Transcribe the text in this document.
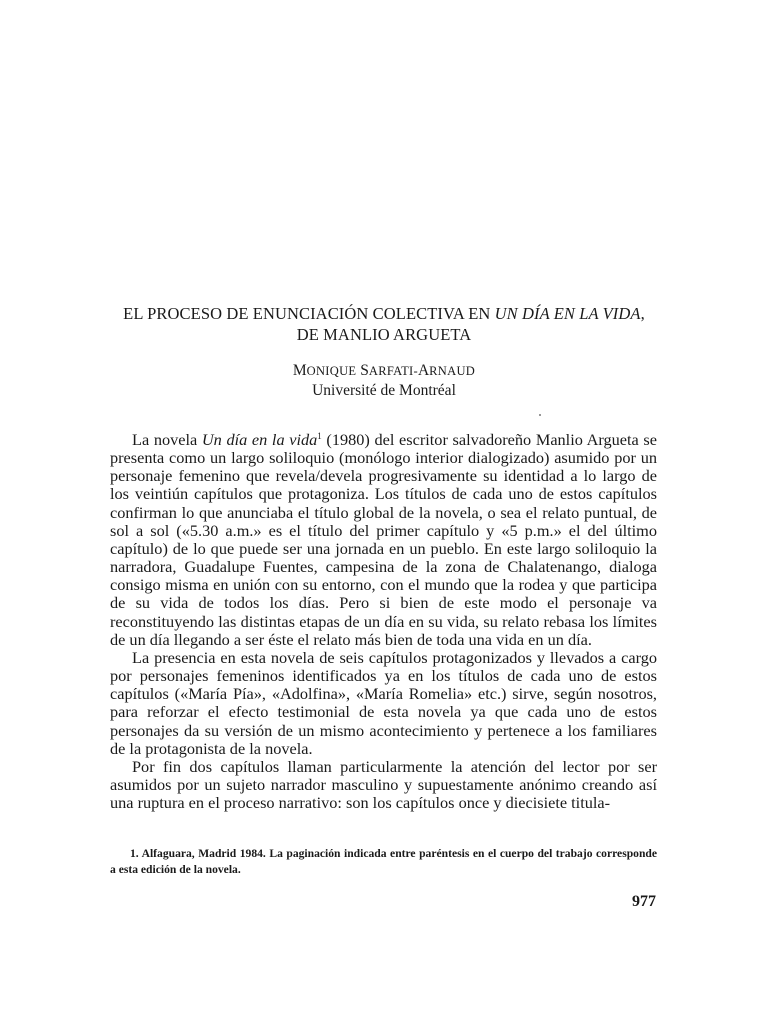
EL PROCESO DE ENUNCIACIÓN COLECTIVA EN UN DÍA EN LA VIDA,
DE MANLIO ARGUETA
MONIQUE SARFATI-ARNAUD
Université de Montréal

La novela Un día en la vida$^1$ (1980) del escritor salvadoreño Manlio Argueta se presenta como un largo soliloquio (monólogo interior dialogizado) asumido por un personaje femenino que revela/devela progresivamente su identidad a lo largo de los veintiún capítulos que protagoniza. Los títulos de cada uno de estos capítulos confirman lo que anunciaba el título global de la novela, o sea el relato puntual, de sol a sol («5.30 a.m.» es el título del primer capítulo y «5 p.m.» el del último capítulo) de lo que puede ser una jornada en un pueblo. En este largo soliloquio la narradora, Guadalupe Fuentes, campesina de la zona de Chalatenango, dialoga consigo misma en unión con su entorno, con el mundo que la rodea y que participa de su vida de todos los días. Pero si bien de este modo el personaje va reconstituyendo las distintas etapas de un día en su vida, su relato rebasa los límites de un día llegando a ser éste el relato más bien de toda una vida en un día.

La presencia en esta novela de seis capítulos protagonizados y llevados a cargo por personajes femeninos identificados ya en los títulos de cada uno de estos capítulos («María Pía», «Adolfina», «María Romelia» etc.) sirve, según nosotros, para reforzar el efecto testimonial de esta novela ya que cada uno de estos personajes da su versión de un mismo acontecimiento y pertenece a los familiares de la protagonista de la novela.

Por fin dos capítulos llaman particularmente la atención del lector por ser asumidos por un sujeto narrador masculino y supuestamente anónimo creando así una ruptura en el proceso narrativo: son los capítulos once y diecisiete titula-

1. Alfaguara, Madrid 1984. La paginación indicada entre paréntesis en el cuerpo del trabajo corresponde a esta edición de la novela.

977
